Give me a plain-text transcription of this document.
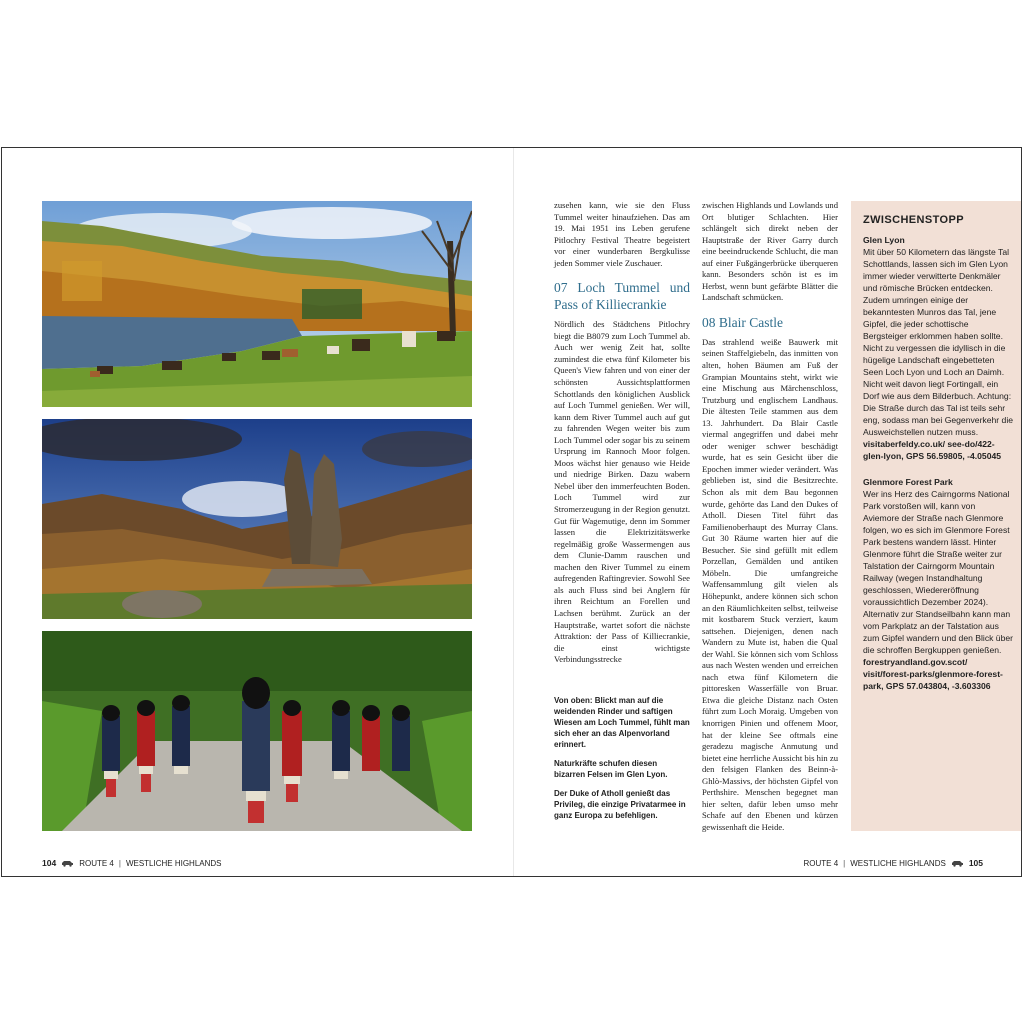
zusehen kann, wie sie den Fluss Tummel weiter hinaufziehen. Das am 19. Mai 1951 ins Leben gerufene Pitlochry Festival Theatre begeistert vor einer wunderbaren Bergkulisse jeden Sommer viele Zuschauer.

07 Loch Tummel und Pass of Killiecrankie

Nördlich des Städtchens Pitlochry biegt die B8079 zum Loch Tummel ab. Auch wer wenig Zeit hat, sollte zumindest die etwa fünf Kilometer bis Queen's View fahren und von einer der schönsten Aussichtsplattformen Schottlands den königlichen Ausblick auf Loch Tummel genießen. Wer will, kann dem River Tummel auch auf gut zu fahrenden Wegen weiter bis zum Loch Tummel oder sogar bis zu seinem Ursprung im Rannoch Moor folgen. Moos wächst hier genauso wie Heide und niedrige Birken. Dazu wabern Nebel über den immerfeuchten Boden. Loch Tummel wird zur Stromerzeugung in der Region genutzt. Gut für Wagemutige, denn im Sommer lassen die Elektrizitätswerke regelmäßig große Wassermengen aus dem Clunie-Damm rauschen und machen den River Tummel zu einem aufregenden Raftingrevier. Sowohl See als auch Fluss sind bei Anglern für ihren Reichtum an Forellen und Lachsen berühmt. Zurück an der Hauptstraße, wartet sofort die nächste Attraktion: der Pass of Killiecrankie, die einst wichtigste Verbindungsstrecke

Von oben: Blickt man auf die weidenden Rinder und saftigen Wiesen am Loch Tummel, fühlt man sich eher an das Alpenvorland erinnert.

Naturkräfte schufen diesen bizarren Felsen im Glen Lyon.

Der Duke of Atholl genießt das Privileg, die einzige Privatarmee in ganz Europa zu befehligen.

zwischen Highlands und Lowlands und Ort blutiger Schlachten. Hier schlängelt sich direkt neben der Hauptstraße der River Garry durch eine beeindruckende Schlucht, die man auf einer Fußgängerbrücke überqueren kann. Besonders schön ist es im Herbst, wenn bunt gefärbte Blätter die Landschaft schmücken.

08 Blair Castle

Das strahlend weiße Bauwerk mit seinen Staffelgiebeln, das inmitten von alten, hohen Bäumen am Fuß der Grampian Mountains steht, wirkt wie eine Mischung aus Märchenschloss, Trutzburg und englischem Landhaus. Die ältesten Teile stammen aus dem 13. Jahrhundert. Da Blair Castle viermal angegriffen und dabei mehr oder weniger schwer beschädigt wurde, hat es sein Gesicht über die Epochen immer wieder verändert. Was geblieben ist, sind die Besitzrechte. Schon als mit dem Bau begonnen wurde, gehörte das Land den Dukes of Atholl. Diesen Titel führt das Familienoberhaupt des Murray Clans. Gut 30 Räume warten hier auf die Besucher. Sie sind gefüllt mit edlem Porzellan, Gemälden und antiken Möbeln. Die umfangreiche Waffensammlung gilt vielen als Höhepunkt, andere können sich schon an den Räumlichkeiten selbst, teilweise mit kostbarem Stuck verziert, kaum sattsehen. Diejenigen, denen nach Wandern zu Mute ist, haben die Qual der Wahl. Sie können sich vom Schloss aus nach Westen wenden und erreichen nach etwa fünf Kilometern die pittoresken Wasserfälle von Bruar. Etwa die gleiche Distanz nach Osten führt zum Loch Moraig. Umgeben von knorrigen Pinien und offenem Moor, hat der kleine See oftmals eine geradezu magische Anmutung und bietet eine herrliche Aussicht bis hin zu den felsigen Flanken des Beinn-à-Ghlò-Massivs, der höchsten Gipfel von Perthshire. Menschen begegnet man hier selten, dafür leben umso mehr Schafe auf den Ebenen und kürzen gewissenhaft die Heide.

ZWISCHENSTOPP

Glen Lyon

Mit über 50 Kilometern das längste Tal Schottlands, lassen sich im Glen Lyon immer wieder verwitterte Denkmäler und römische Brücken entdecken. Zudem umringen einige der bekanntesten Munros das Tal, jene Gipfel, die jeder schottische Bergsteiger erklommen haben sollte. Nicht zu vergessen die idyllisch in die hügelige Landschaft eingebetteten Seen Loch Lyon und Loch an Daimh. Nicht weit davon liegt Fortingall, ein Dorf wie aus dem Bilderbuch. Achtung: Die Straße durch das Tal ist teils sehr eng, sodass man bei Gegenverkehr die Ausweichstellen nutzen muss.

visitaberfeldy.co.uk/ see-do/422-glen-lyon, GPS 56.59805, -4.05045

Glenmore Forest Park

Wer ins Herz des Cairngorms National Park vorstoßen will, kann von Aviemore der Straße nach Glenmore folgen, wo es sich im Glenmore Forest Park bestens wandern lässt. Hinter Glenmore führt die Straße weiter zur Talstation der Cairngorm Mountain Railway (wegen Instandhaltung geschlossen, Wiedereröffnung voraussichtlich Dezember 2024). Alternativ zur Standseilbahn kann man vom Parkplatz an der Talstation aus zum Gipfel wandern und den Blick über die schroffen Bergkuppen genießen.

forestryandland.gov.scot/ visit/forest-parks/glenmore-forest-park, GPS 57.043804, -3.603306

104	ROUTE 4 | WESTLICHE HIGHLANDS	ROUTE 4 | WESTLICHE HIGHLANDS	105
